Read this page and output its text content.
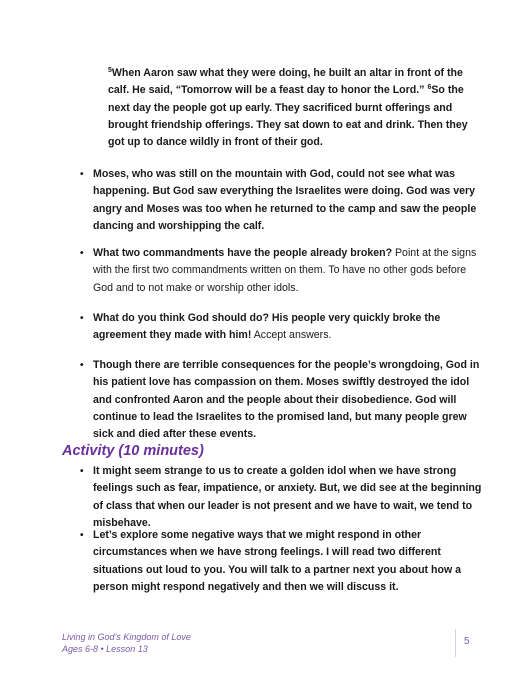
$^5$When Aaron saw what they were doing, he built an altar in front of the calf. He said, “Tomorrow will be a feast day to honor the Lord.” $^6$So the next day the people got up early. They sacrificed burnt offerings and brought friendship offerings. They sat down to eat and drink. Then they got up to dance wildly in front of their god.
• Moses, who was still on the mountain with God, could not see what was happening. But God saw everything the Israelites were doing. God was very angry and Moses was too when he returned to the camp and saw the people dancing and worshipping the calf.
• What two commandments have the people already broken? Point at the signs with the first two commandments written on them. To have no other gods before God and to not make or worship other idols.
• What do you think God should do? His people very quickly broke the agreement they made with him! Accept answers.
• Though there are terrible consequences for the people’s wrongdoing, God in his patient love has compassion on them. Moses swiftly destroyed the idol and confronted Aaron and the people about their disobedience. God will continue to lead the Israelites to the promised land, but many people grew sick and died after these events.
Activity (10 minutes)
• It might seem strange to us to create a golden idol when we have strong feelings such as fear, impatience, or anxiety. But, we did see at the beginning of class that when our leader is not present and we have to wait, we tend to misbehave.
• Let’s explore some negative ways that we might respond in other circumstances when we have strong feelings. I will read two different situations out loud to you. You will talk to a partner next you about how a person might respond negatively and then we will discuss it.
Living in God’s Kingdom of Love
Ages 6-8 • Lesson 13
5
